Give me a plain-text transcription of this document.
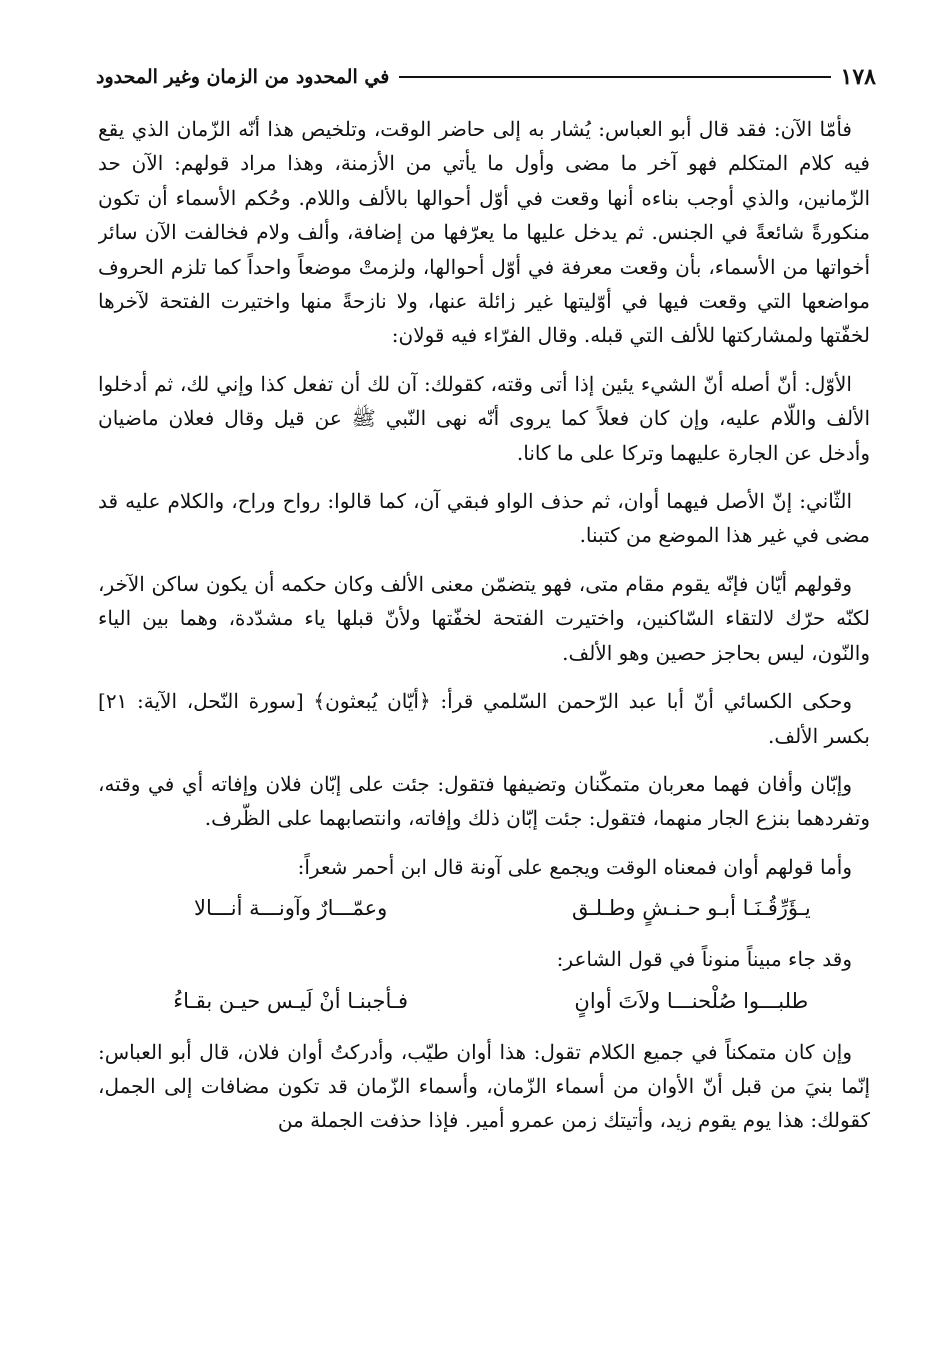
١٧٨
في المحدود من الزمان وغير المحدود

فأمّا الآن: فقد قال أبو العباس: يُشار به إلى حاضر الوقت، وتلخيص هذا أنّه الزّمان الذي يقع فيه كلام المتكلم فهو آخر ما مضى وأول ما يأتي من الأزمنة، وهذا مراد قولهم: الآن حد الزّمانين، والذي أوجب بناءه أنها وقعت في أوّل أحوالها بالألف واللام. وحُكم الأسماء أن تكون منكورةً شائعةً في الجنس. ثم يدخل عليها ما يعرّفها من إضافة، وألف ولام فخالفت الآن سائر أخواتها من الأسماء، بأن وقعت معرفة في أوّل أحوالها، ولزمتْ موضعاً واحداً كما تلزم الحروف مواضعها التي وقعت فيها في أوّليتها غير زائلة عنها، ولا نازحةً منها واختيرت الفتحة لآخرها لخفّتها ولمشاركتها للألف التي قبله. وقال الفرّاء فيه قولان:

الأوّل: أنّ أصله أنّ الشيء يئين إذا أتى وقته، كقولك: آن لك أن تفعل كذا وإني لك، ثم أدخلوا الألف واللّام عليه، وإن كان فعلاً كما يروى أنّه نهى النّبي ﷺ عن قيل وقال فعلان ماضيان وأدخل عن الجارة عليهما وتركا على ما كانا.

الثّاني: إنّ الأصل فيهما أوان، ثم حذف الواو فبقي آن، كما قالوا: رواح وراح، والكلام عليه قد مضى في غير هذا الموضع من كتبنا.

وقولهم أيّان فإنّه يقوم مقام متى، فهو يتضمّن معنى الألف وكان حكمه أن يكون ساكن الآخر، لكنّه حرّك لالتقاء السّاكنين، واختيرت الفتحة لخفّتها ولأنّ قبلها ياء مشدّدة، وهما بين الياء والنّون، ليس بحاجز حصين وهو الألف.

وحكى الكسائي أنّ أبا عبد الرّحمن السّلمي قرأ: ﴿أيّان يُبعثون﴾ [سورة النّحل، الآية: ٢١] بكسر الألف.

وإبّان وأفان فهما معربان متمكّنان وتضيفها فتقول: جئت على إبّان فلان وإفاته أي في وقته، وتفردهما بنزع الجار منهما، فتقول: جئت إبّان ذلك وإفاته، وانتصابهما على الظّرف.

وأما قولهم أوان فمعناه الوقت ويجمع على آونة قال ابن أحمر شعراً:

يـؤَرِّقُـنَـا أبـو حـنـشٍ وطـلـق
وعمّـــارٌ وآونـــة أنـــالا

وقد جاء مبيناً منوناً في قول الشاعر:

طلبـــوا صُلْحنـــا ولاَتَ أوانٍ
فـأجبنـا أنْ لَيـس حيـن بقـاءُ

وإن كان متمكناً في جميع الكلام تقول: هذا أوان طيّب، وأدركتُ أوان فلان، قال أبو العباس: إنّما بنيَ من قبل أنّ الأوان من أسماء الزّمان، وأسماء الزّمان قد تكون مضافات إلى الجمل، كقولك: هذا يوم يقوم زيد، وأتيتك زمن عمرو أمير. فإذا حذفت الجملة من
